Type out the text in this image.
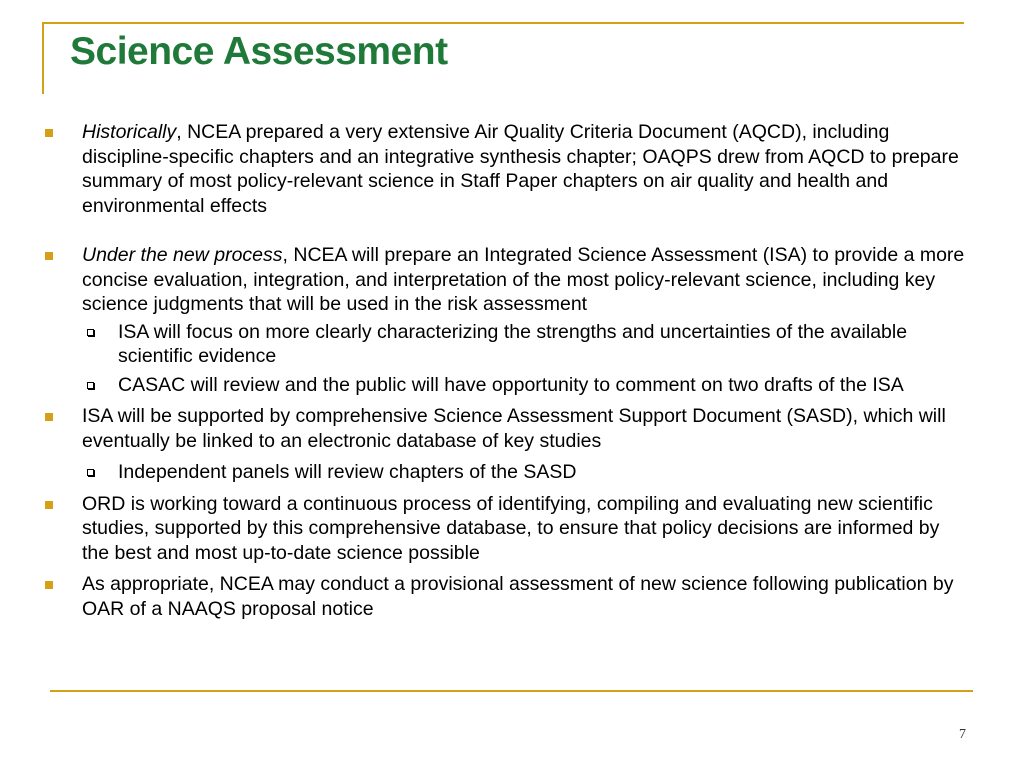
Science Assessment
Historically, NCEA prepared a very extensive Air Quality Criteria Document (AQCD), including discipline-specific chapters and an integrative synthesis chapter; OAQPS drew from AQCD to prepare summary of most policy-relevant science in Staff Paper chapters on air quality and health and environmental effects
Under the new process, NCEA will prepare an Integrated Science Assessment (ISA) to provide a more concise evaluation, integration, and interpretation of the most policy-relevant science, including key science judgments that will be used in the risk assessment
ISA will focus on more clearly characterizing the strengths and uncertainties of the available scientific evidence
CASAC will review and the public will have opportunity to comment on two drafts of the ISA
ISA will be supported by comprehensive Science Assessment Support Document (SASD), which will eventually be linked to an electronic database of key studies
Independent panels will review chapters of the SASD
ORD is working toward a continuous process of identifying, compiling and evaluating new scientific studies, supported by this comprehensive database, to ensure that policy decisions are informed by the best and most up-to-date science possible
As appropriate, NCEA may conduct a provisional assessment of new science following publication by OAR of a NAAQS proposal notice
7
